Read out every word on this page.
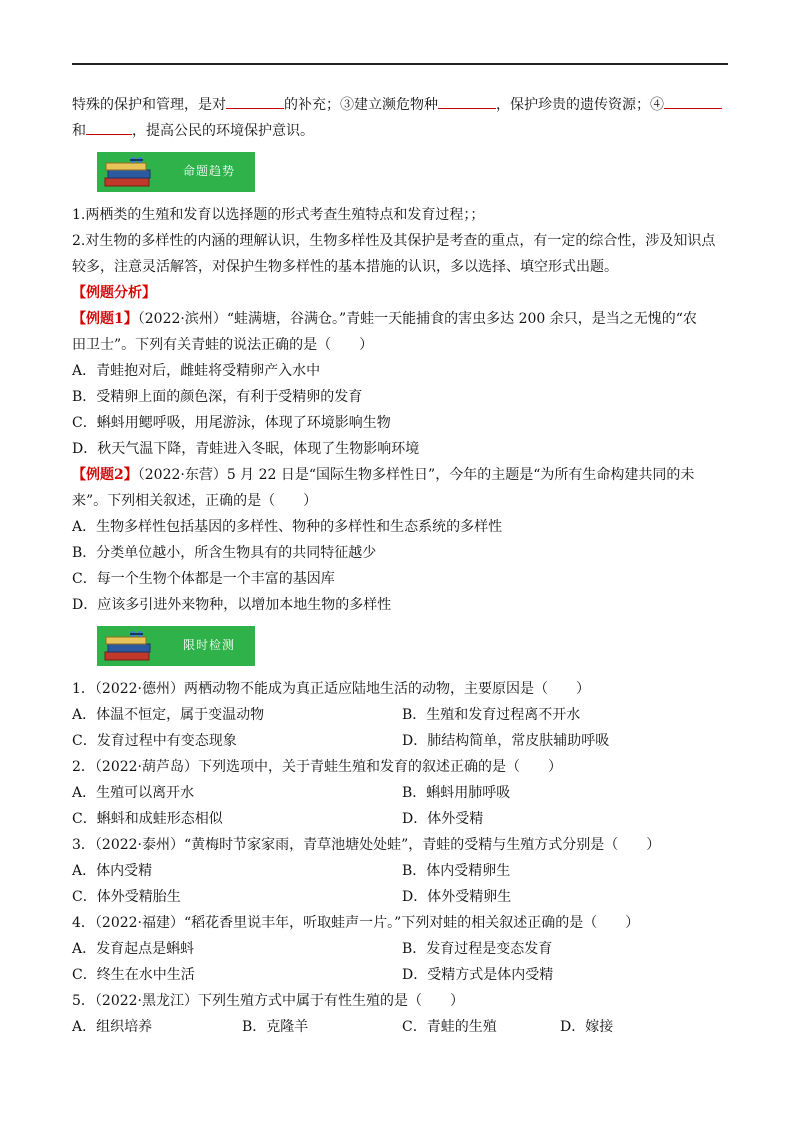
特殊的保护和管理，是对	的补充；③建立濒危物种	，保护珍贵的遗传资源；④
和	，提高公民的环境保护意识。
命题趋势
1.两栖类的生殖和发育以选择题的形式考查生殖特点和发育过程；；
2.对生物的多样性的内涵的理解认识，生物多样性及其保护是考查的重点，有一定的综合性，涉及知识点
较多，注意灵活解答，对保护生物多样性的基本措施的认识，多以选择、填空形式出题。
【例题分析】
【例题1】（2022·滨州）“蛙满塘，谷满仓。”青蛙一天能捕食的害虫多达 200 余只，是当之无愧的“农
田卫士”。下列有关青蛙的说法正确的是（　　）
A．青蛙抱对后，雌蛙将受精卵产入水中
B．受精卵上面的颜色深，有利于受精卵的发育
C．蝌蚪用鳃呼吸，用尾游泳，体现了环境影响生物
D．秋天气温下降，青蛙进入冬眠，体现了生物影响环境
【例题2】（2022·东营）5 月 22 日是“国际生物多样性日”，今年的主题是“为所有生命构建共同的未
来”。下列相关叙述，正确的是（　　）
A．生物多样性包括基因的多样性、物种的多样性和生态系统的多样性
B．分类单位越小，所含生物具有的共同特征越少
C．每一个生物个体都是一个丰富的基因库
D．应该多引进外来物种，以增加本地生物的多样性
限时检测
1．（2022·德州）两栖动物不能成为真正适应陆地生活的动物，主要原因是（　　）
A．体温不恒定，属于变温动物	B．生殖和发育过程离不开水
C．发育过程中有变态现象	D．肺结构简单，常皮肤辅助呼吸
2．（2022·葫芦岛）下列选项中，关于青蛙生殖和发育的叙述正确的是（　　）
A．生殖可以离开水	B．蝌蚪用肺呼吸
C．蝌蚪和成蛙形态相似	D．体外受精
3．（2022·泰州）“黄梅时节家家雨，青草池塘处处蛙”，青蛙的受精与生殖方式分别是（　　）
A．体内受精	B．体内受精卵生
C．体外受精胎生	D．体外受精卵生
4．（2022·福建）“稻花香里说丰年，听取蛙声一片。”下列对蛙的相关叙述正确的是（　　）
A．发育起点是蝌蚪	B．发育过程是变态发育
C．终生在水中生活	D．受精方式是体内受精
5．（2022·黑龙江）下列生殖方式中属于有性生殖的是（　　）
A．组织培养	B．克隆羊	C．青蛙的生殖	D．嫁接
